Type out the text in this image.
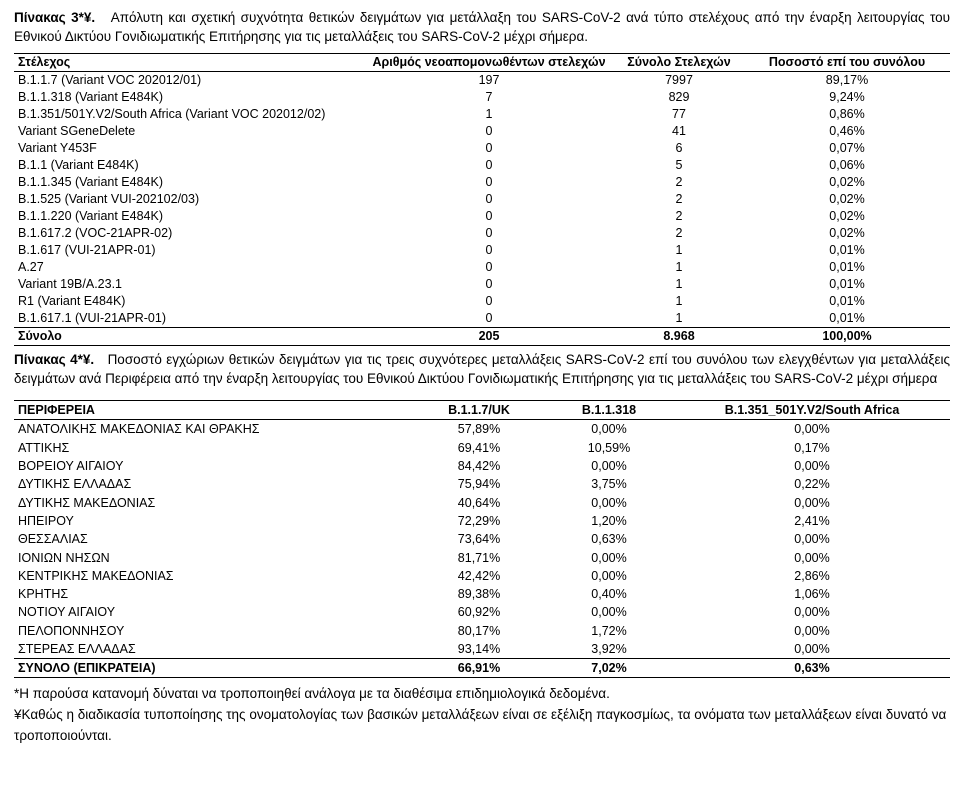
Πίνακας 3*¥. Απόλυτη και σχετική συχνότητα θετικών δειγμάτων για μετάλλαξη του SARS-CoV-2 ανά τύπο στελέχους από την έναρξη λειτουργίας του Εθνικού Δικτύου Γονιδιωματικής Επιτήρησης για τις μεταλλάξεις του SARS-CoV-2 μέχρι σήμερα.

Στέλεχος	Αριθμός νεοαπομονωθέντων στελεχών	Σύνολο Στελεχών	Ποσοστό επί του συνόλου
B.1.1.7 (Variant VOC 202012/01)	197	7997	89,17%
B.1.1.318 (Variant E484K)	7	829	9,24%
B.1.351/501Y.V2/South Africa (Variant VOC 202012/02)	1	77	0,86%
Variant SGeneDelete	0	41	0,46%
Variant Y453F	0	6	0,07%
B.1.1 (Variant E484K)	0	5	0,06%
B.1.1.345 (Variant E484K)	0	2	0,02%
B.1.525 (Variant VUI-202102/03)	0	2	0,02%
B.1.1.220 (Variant E484K)	0	2	0,02%
B.1.617.2 (VOC-21APR-02)	0	2	0,02%
B.1.617 (VUI-21APR-01)	0	1	0,01%
A.27	0	1	0,01%
Variant 19B/A.23.1	0	1	0,01%
R1 (Variant E484K)	0	1	0,01%
B.1.617.1 (VUI-21APR-01)	0	1	0,01%
Σύνολο	205	8.968	100,00%

Πίνακας 4*¥. Ποσοστό εγχώριων θετικών δειγμάτων για τις τρεις συχνότερες μεταλλάξεις SARS-CoV-2 επί του συνόλου των ελεγχθέντων για μεταλλάξεις δειγμάτων ανά Περιφέρεια από την έναρξη λειτουργίας του Εθνικού Δικτύου Γονιδιωματικής Επιτήρησης για τις μεταλλάξεις του SARS-CoV-2 μέχρι σήμερα

ΠΕΡΙΦΕΡΕΙΑ	B.1.1.7/UK	B.1.1.318	B.1.351_501Y.V2/South Africa
ΑΝΑΤΟΛΙΚΗΣ ΜΑΚΕΔΟΝΙΑΣ ΚΑΙ ΘΡΑΚΗΣ	57,89%	0,00%	0,00%
ΑΤΤΙΚΗΣ	69,41%	10,59%	0,17%
ΒΟΡΕΙΟΥ ΑΙΓΑΙΟΥ	84,42%	0,00%	0,00%
ΔΥΤΙΚΗΣ ΕΛΛΑΔΑΣ	75,94%	3,75%	0,22%
ΔΥΤΙΚΗΣ ΜΑΚΕΔΟΝΙΑΣ	40,64%	0,00%	0,00%
ΗΠΕΙΡΟΥ	72,29%	1,20%	2,41%
ΘΕΣΣΑΛΙΑΣ	73,64%	0,63%	0,00%
ΙΟΝΙΩΝ ΝΗΣΩΝ	81,71%	0,00%	0,00%
ΚΕΝΤΡΙΚΗΣ ΜΑΚΕΔΟΝΙΑΣ	42,42%	0,00%	2,86%
ΚΡΗΤΗΣ	89,38%	0,40%	1,06%
ΝΟΤΙΟΥ ΑΙΓΑΙΟΥ	60,92%	0,00%	0,00%
ΠΕΛΟΠΟΝΝΗΣΟΥ	80,17%	1,72%	0,00%
ΣΤΕΡΕΑΣ ΕΛΛΑΔΑΣ	93,14%	3,92%	0,00%
ΣΥΝΟΛΟ (ΕΠΙΚΡΑΤΕΙΑ)	66,91%	7,02%	0,63%

*Η παρούσα κατανομή δύναται να τροποποιηθεί ανάλογα με τα διαθέσιμα επιδημιολογικά δεδομένα.

¥Καθώς η διαδικασία τυποποίησης της ονοματολογίας των βασικών μεταλλάξεων είναι σε εξέλιξη παγκοσμίως, τα ονόματα των μεταλλάξεων είναι δυνατό να τροποποιούνται.
